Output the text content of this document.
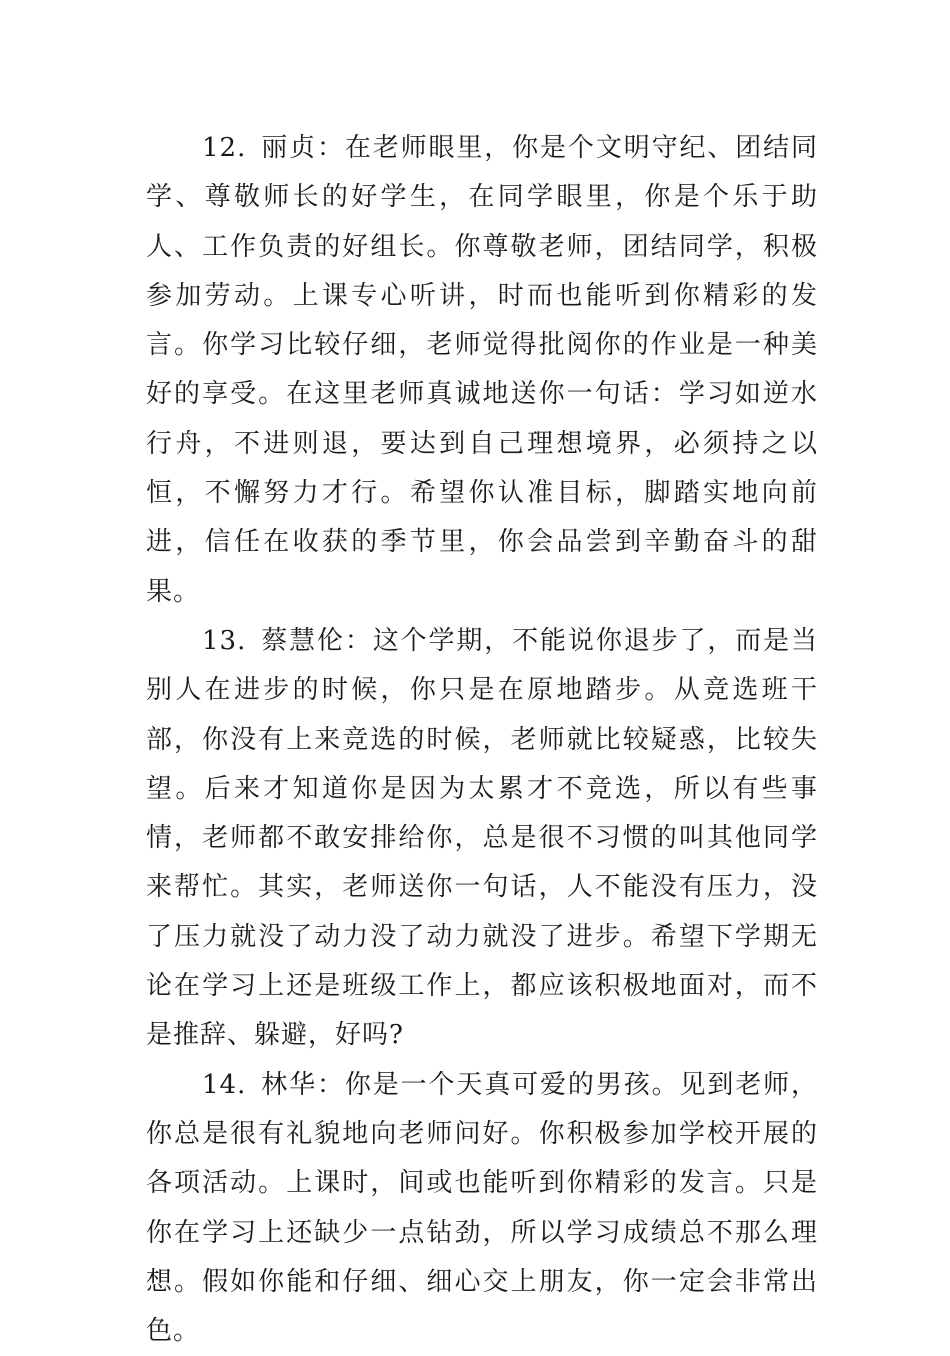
12. 丽贞：在老师眼里，你是个文明守纪、团结同学、尊敬师长的好学生，在同学眼里，你是个乐于助人、工作负责的好组长。你尊敬老师，团结同学，积极参加劳动。上课专心听讲，时而也能听到你精彩的发言。你学习比较仔细，老师觉得批阅你的作业是一种美好的享受。在这里老师真诚地送你一句话：学习如逆水行舟，不进则退，要达到自己理想境界，必须持之以恒，不懈努力才行。希望你认准目标，脚踏实地向前进，信任在收获的季节里，你会品尝到辛勤奋斗的甜果。

13. 蔡慧伦：这个学期，不能说你退步了，而是当别人在进步的时候，你只是在原地踏步。从竞选班干部，你没有上来竞选的时候，老师就比较疑惑，比较失望。后来才知道你是因为太累才不竞选，所以有些事情，老师都不敢安排给你，总是很不习惯的叫其他同学来帮忙。其实，老师送你一句话，人不能没有压力，没了压力就没了动力没了动力就没了进步。希望下学期无论在学习上还是班级工作上，都应该积极地面对，而不是推辞、躲避，好吗?

14. 林华：你是一个天真可爱的男孩。见到老师，你总是很有礼貌地向老师问好。你积极参加学校开展的各项活动。上课时，间或也能听到你精彩的发言。只是你在学习上还缺少一点钻劲，所以学习成绩总不那么理想。假如你能和仔细、细心交上朋友，你一定会非常出色。
